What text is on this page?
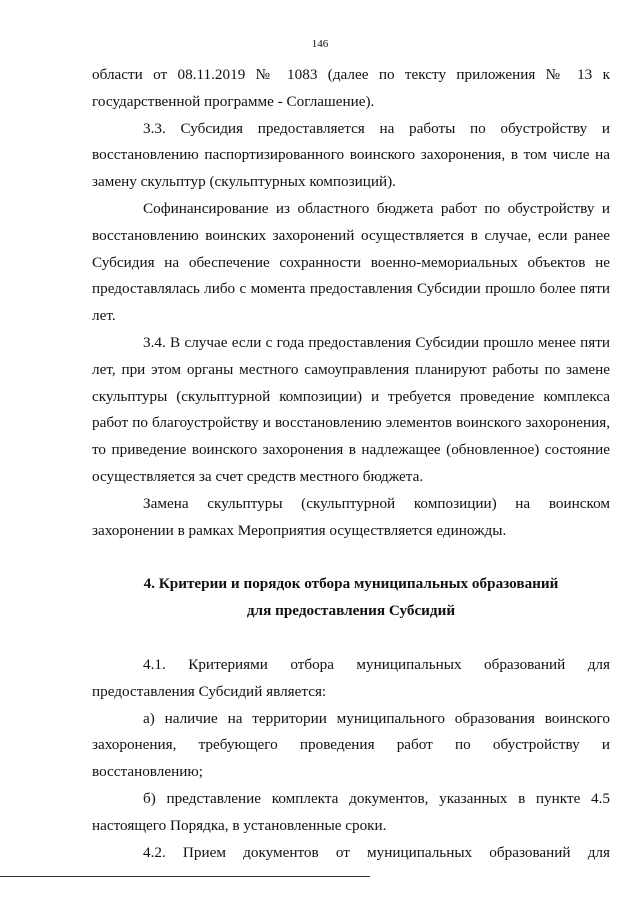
146

области от 08.11.2019 № 1083 (далее по тексту приложения № 13 к государственной программе - Соглашение).

3.3. Субсидия предоставляется на работы по обустройству и восстановлению паспортизированного воинского захоронения, в том числе на замену скульптур (скульптурных композиций).

Софинансирование из областного бюджета работ по обустройству и восстановлению воинских захоронений осуществляется в случае, если ранее Субсидия на обеспечение сохранности военно-мемориальных объектов не предоставлялась либо с момента предоставления Субсидии прошло более пяти лет.

3.4. В случае если с года предоставления Субсидии прошло менее пяти лет, при этом органы местного самоуправления планируют работы по замене скульптуры (скульптурной композиции) и требуется проведение комплекса работ по благоустройству и восстановлению элементов воинского захоронения, то приведение воинского захоронения в надлежащее (обновленное) состояние осуществляется за счет средств местного бюджета.

Замена скульптуры (скульптурной композиции) на воинском захоронении в рамках Мероприятия осуществляется единожды.

4. Критерии и порядок отбора муниципальных образований
для предоставления Субсидий

4.1. Критериями отбора муниципальных образований для предоставления Субсидий является:

а) наличие на территории муниципального образования воинского захоронения, требующего проведения работ по обустройству и восстановлению;

б) представление комплекта документов, указанных в пункте 4.5 настоящего Порядка, в установленные сроки.

4.2. Прием документов от муниципальных образований для
